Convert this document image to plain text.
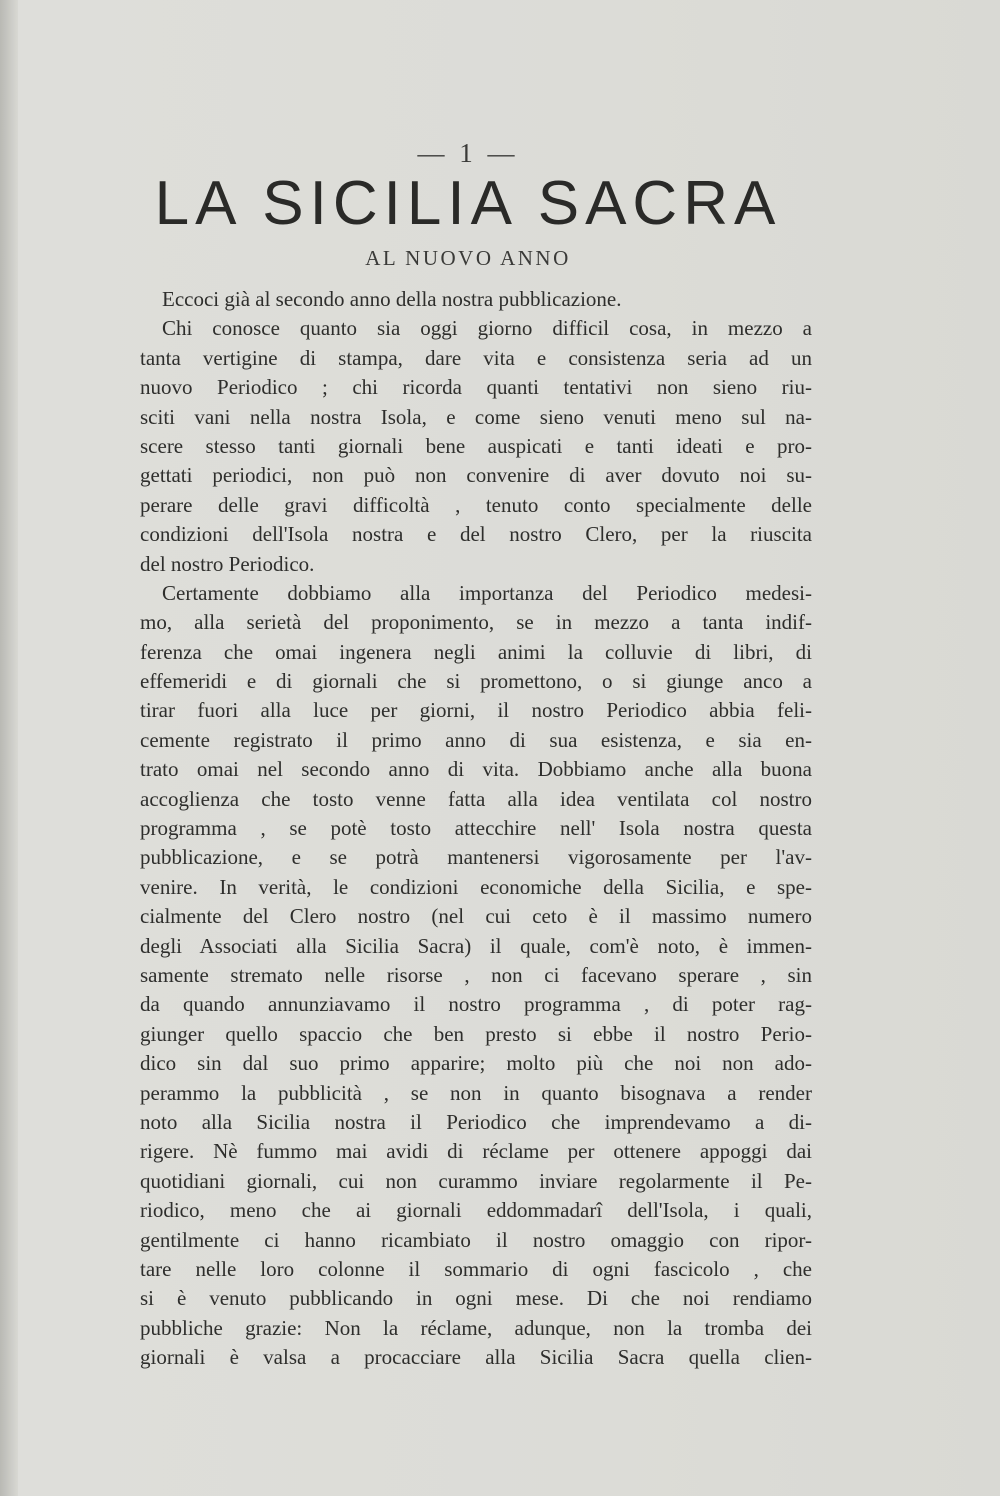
— 1 —
LA SICILIA SACRA
AL NUOVO ANNO
Eccoci già al secondo anno della nostra pubblicazione.
Chi conosce quanto sia oggi giorno difficil cosa, in mezzo a
tanta vertigine di stampa, dare vita e consistenza seria ad un
nuovo Periodico ; chi ricorda quanti tentativi non sieno riu-
sciti vani nella nostra Isola, e come sieno venuti meno sul na-
scere stesso tanti giornali bene auspicati e tanti ideati e pro-
gettati periodici, non può non convenire di aver dovuto noi su-
perare delle gravi difficoltà , tenuto conto specialmente delle
condizioni dell'Isola nostra e del nostro Clero, per la riuscita
del nostro Periodico.
Certamente dobbiamo alla importanza del Periodico medesi-
mo, alla serietà del proponimento, se in mezzo a tanta indif-
ferenza che omai ingenera negli animi la colluvie di libri, di
effemeridi e di giornali che si promettono, o si giunge anco a
tirar fuori alla luce per giorni, il nostro Periodico abbia feli-
cemente registrato il primo anno di sua esistenza, e sia en-
trato omai nel secondo anno di vita. Dobbiamo anche alla buona
accoglienza che tosto venne fatta alla idea ventilata col nostro
programma , se potè tosto attecchire nell' Isola nostra questa
pubblicazione, e se potrà mantenersi vigorosamente per l'av-
venire. In verità, le condizioni economiche della Sicilia, e spe-
cialmente del Clero nostro (nel cui ceto è il massimo numero
degli Associati alla Sicilia Sacra) il quale, com'è noto, è immen-
samente stremato nelle risorse , non ci facevano sperare , sin
da quando annunziavamo il nostro programma , di poter rag-
giunger quello spaccio che ben presto si ebbe il nostro Perio-
dico sin dal suo primo apparire; molto più che noi non ado-
perammo la pubblicità , se non in quanto bisognava a render
noto alla Sicilia nostra il Periodico che imprendevamo a di-
rigere. Nè fummo mai avidi di réclame per ottenere appoggi dai
quotidiani giornali, cui non curammo inviare regolarmente il Pe-
riodico, meno che ai giornali eddommadarî dell'Isola, i quali,
gentilmente ci hanno ricambiato il nostro omaggio con ripor-
tare nelle loro colonne il sommario di ogni fascicolo , che
si è venuto pubblicando in ogni mese. Di che noi rendiamo
pubbliche grazie: Non la réclame, adunque, non la tromba dei
giornali è valsa a procacciare alla Sicilia Sacra quella clien-
